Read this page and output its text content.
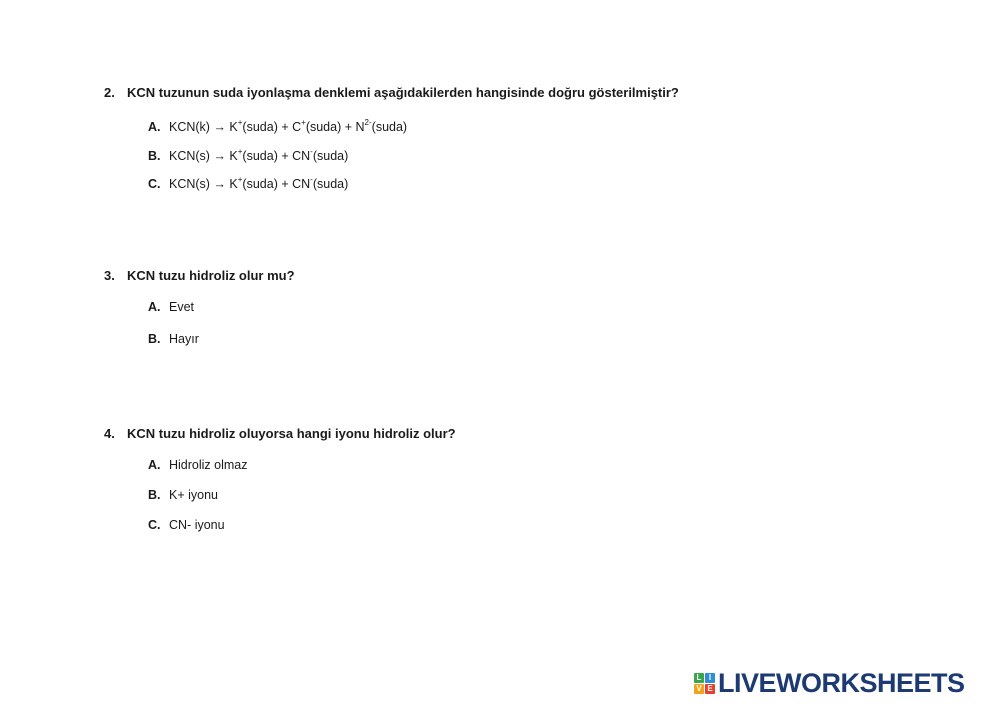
2. KCN tuzunun suda iyonlaşma denklemi aşağıdakilerden hangisinde doğru gösterilmiştir?
A. KCN(k) → K+(suda) + C+(suda) + $N^{2-}(suda)$
B. KCN(s) → K+(suda) + CN-(suda)
C. KCN(s) → K+(suda) + CN-(suda)
3. KCN tuzu hidroliz olur mu?
A. Evet
B. Hayır
4. KCN tuzu hidroliz oluyorsa hangi iyonu hidroliz olur?
A. Hidroliz olmaz
B. K+ iyonu
C. CN- iyonu
L I
V E LIVEWORKSHEETS
